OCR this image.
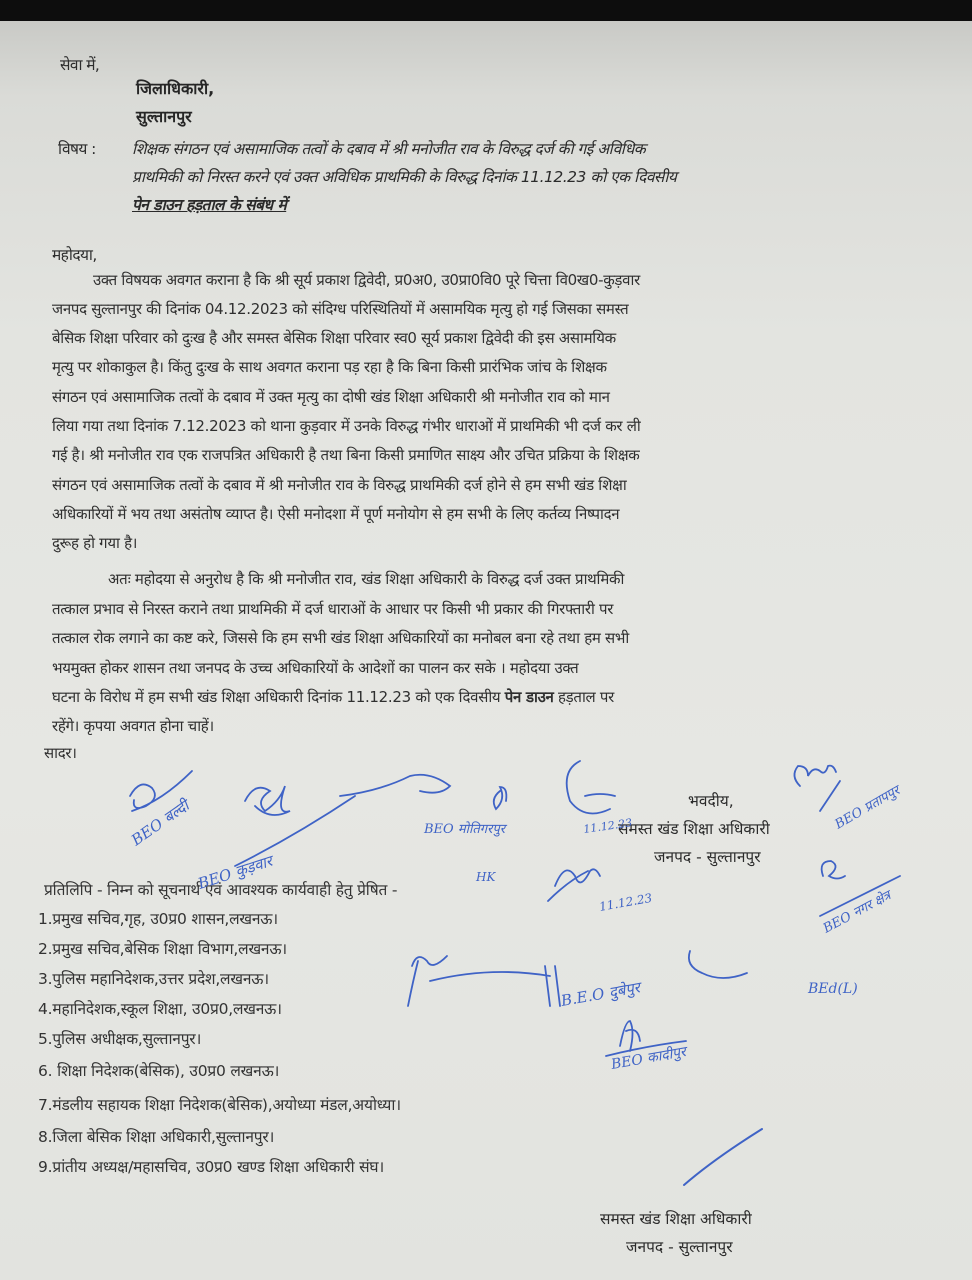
सेवा में,
जिलाधिकारी,
सुल्तानपुर
विषय : शिक्षक संगठन एवं असामाजिक तत्वों के दबाव में श्री मनोजीत राव के विरुद्ध दर्ज की गई अविधिक
प्राथमिकी को निरस्त करने एवं उक्त अविधिक प्राथमिकी के विरुद्ध दिनांक 11.12.23 को एक दिवसीय
पेन डाउन हड़ताल के संबंध में
महोदया,
उक्त विषयक अवगत कराना है कि श्री सूर्य प्रकाश द्विवेदी, प्र0अ0, उ0प्रा0वि0 पूरे चित्ता वि0ख0-कुड़वार
जनपद सुल्तानपुर की दिनांक 04.12.2023 को संदिग्ध परिस्थितियों में असामयिक मृत्यु हो गई जिसका समस्त
बेसिक शिक्षा परिवार को दुःख है और समस्त बेसिक शिक्षा परिवार स्व0 सूर्य प्रकाश द्विवेदी की इस असामयिक
मृत्यु पर शोकाकुल है। किंतु दुःख के साथ अवगत कराना पड़ रहा है कि बिना किसी प्रारंभिक जांच के शिक्षक
संगठन एवं असामाजिक तत्वों के दबाव में उक्त मृत्यु का दोषी खंड शिक्षा अधिकारी श्री मनोजीत राव को मान
लिया गया तथा दिनांक 7.12.2023 को थाना कुड़वार में उनके विरुद्ध गंभीर धाराओं में प्राथमिकी भी दर्ज कर ली
गई है। श्री मनोजीत राव एक राजपत्रित अधिकारी है तथा बिना किसी प्रमाणित साक्ष्य और उचित प्रक्रिया के शिक्षक
संगठन एवं असामाजिक तत्वों के दबाव में श्री मनोजीत राव के विरुद्ध प्राथमिकी दर्ज होने से हम सभी खंड शिक्षा
अधिकारियों में भय तथा असंतोष व्याप्त है। ऐसी मनोदशा में पूर्ण मनोयोग से हम सभी के लिए कर्तव्य निष्पादन
दुरूह हो गया है।
अतः महोदया से अनुरोध है कि श्री मनोजीत राव, खंड शिक्षा अधिकारी के विरुद्ध दर्ज उक्त प्राथमिकी
तत्काल प्रभाव से निरस्त कराने तथा प्राथमिकी में दर्ज धाराओं के आधार पर किसी भी प्रकार की गिरफ्तारी पर
तत्काल रोक लगाने का कष्ट करे, जिससे कि हम सभी खंड शिक्षा अधिकारियों का मनोबल बना रहे तथा हम सभी
भयमुक्त होकर शासन तथा जनपद के उच्च अधिकारियों के आदेशों का पालन कर सके । महोदया उक्त
घटना के विरोध में हम सभी खंड शिक्षा अधिकारी दिनांक 11.12.23 को एक दिवसीय पेन डाउन हड़ताल पर
रहेंगे। कृपया अवगत होना चाहें।
सादर।
भवदीय,
समस्त खंड शिक्षा अधिकारी
जनपद - सुल्तानपुर
प्रतिलिपि - निम्न को सूचनार्थ एवं आवश्यक कार्यवाही हेतु प्रेषित -
1.प्रमुख सचिव,गृह, उ0प्र0 शासन,लखनऊ।
2.प्रमुख सचिव,बेसिक शिक्षा विभाग,लखनऊ।
3.पुलिस महानिदेशक,उत्तर प्रदेश,लखनऊ।
4.महानिदेशक,स्कूल शिक्षा, उ0प्र0,लखनऊ।
5.पुलिस अधीक्षक,सुल्तानपुर।
6. शिक्षा निदेशक(बेसिक), उ0प्र0 लखनऊ।
7.मंडलीय सहायक शिक्षा निदेशक(बेसिक),अयोध्या मंडल,अयोध्या।
8.जिला बेसिक शिक्षा अधिकारी,सुल्तानपुर।
9.प्रांतीय अध्यक्ष/महासचिव, उ0प्र0 खण्ड शिक्षा अधिकारी संघ।
समस्त खंड शिक्षा अधिकारी
जनपद - सुल्तानपुर
BEO बल्दी
BEO कुड़वार
BEO मोतिगरपुर
HK
11.12.23	BEO प्रतापपुर
11.12.23	BEO नगर क्षेत्र
B.E.O दुबेपुर	BEd(L)
BEO कादीपुर
